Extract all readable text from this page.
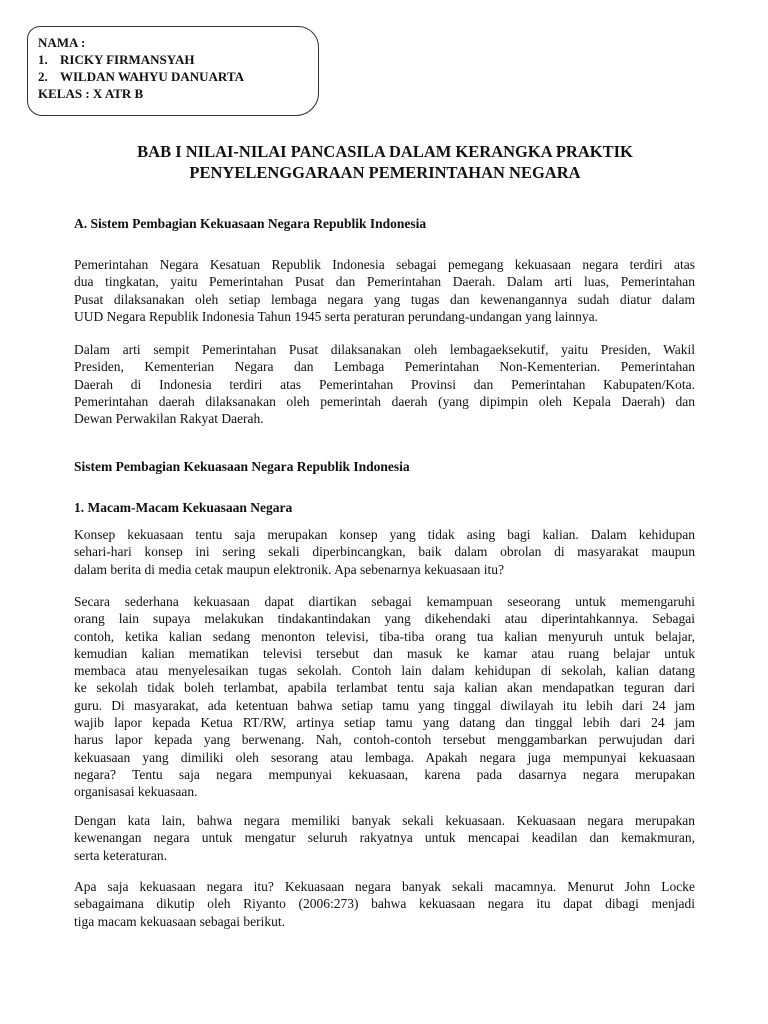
NAMA :
1. RICKY FIRMANSYAH
2. WILDAN WAHYU DANUARTA
KELAS : X ATR B
BAB I NILAI-NILAI PANCASILA DALAM KERANGKA PRAKTIK
PENYELENGGARAAN PEMERINTAHAN NEGARA
A. Sistem Pembagian Kekuasaan Negara Republik Indonesia
Pemerintahan Negara Kesatuan Republik Indonesia sebagai pemegang kekuasaan negara terdiri atas
dua tingkatan, yaitu Pemerintahan Pusat dan Pemerintahan Daerah. Dalam arti luas, Pemerintahan
Pusat dilaksanakan oleh setiap lembaga negara yang tugas dan kewenangannya sudah diatur dalam
UUD Negara Republik Indonesia Tahun 1945 serta peraturan perundang-undangan yang lainnya.
Dalam arti sempit Pemerintahan Pusat dilaksanakan oleh lembagaeksekutif, yaitu Presiden, Wakil
Presiden, Kementerian Negara dan Lembaga Pemerintahan Non-Kementerian. Pemerintahan
Daerah di Indonesia terdiri atas Pemerintahan Provinsi dan Pemerintahan Kabupaten/Kota.
Pemerintahan daerah dilaksanakan oleh pemerintah daerah (yang dipimpin oleh Kepala Daerah) dan
Dewan Perwakilan Rakyat Daerah.
Sistem Pembagian Kekuasaan Negara Republik Indonesia
1. Macam-Macam Kekuasaan Negara
Konsep kekuasaan tentu saja merupakan konsep yang tidak asing bagi kalian. Dalam kehidupan
sehari-hari konsep ini sering sekali diperbincangkan, baik dalam obrolan di masyarakat maupun
dalam berita di media cetak maupun elektronik. Apa sebenarnya kekuasaan itu?
Secara sederhana kekuasaan dapat diartikan sebagai kemampuan seseorang untuk memengaruhi
orang lain supaya melakukan tindakantindakan yang dikehendaki atau diperintahkannya. Sebagai
contoh, ketika kalian sedang menonton televisi, tiba-tiba orang tua kalian menyuruh untuk belajar,
kemudian kalian mematikan televisi tersebut dan masuk ke kamar atau ruang belajar untuk
membaca atau menyelesaikan tugas sekolah. Contoh lain dalam kehidupan di sekolah, kalian datang
ke sekolah tidak boleh terlambat, apabila terlambat tentu saja kalian akan mendapatkan teguran dari
guru. Di masyarakat, ada ketentuan bahwa setiap tamu yang tinggal diwilayah itu lebih dari 24 jam
wajib lapor kepada Ketua RT/RW, artinya setiap tamu yang datang dan tinggal lebih dari 24 jam
harus lapor kepada yang berwenang. Nah, contoh-contoh tersebut menggambarkan perwujudan dari
kekuasaan yang dimiliki oleh sesorang atau lembaga. Apakah negara juga mempunyai kekuasaan
negara? Tentu saja negara mempunyai kekuasaan, karena pada dasarnya negara merupakan
organisasai kekuasaan.
Dengan kata lain, bahwa negara memiliki banyak sekali kekuasaan. Kekuasaan negara merupakan
kewenangan negara untuk mengatur seluruh rakyatnya untuk mencapai keadilan dan kemakmuran,
serta keteraturan.
Apa saja kekuasaan negara itu? Kekuasaan negara banyak sekali macamnya. Menurut John Locke
sebagaimana dikutip oleh Riyanto (2006:273) bahwa kekuasaan negara itu dapat dibagi menjadi
tiga macam kekuasaan sebagai berikut.
